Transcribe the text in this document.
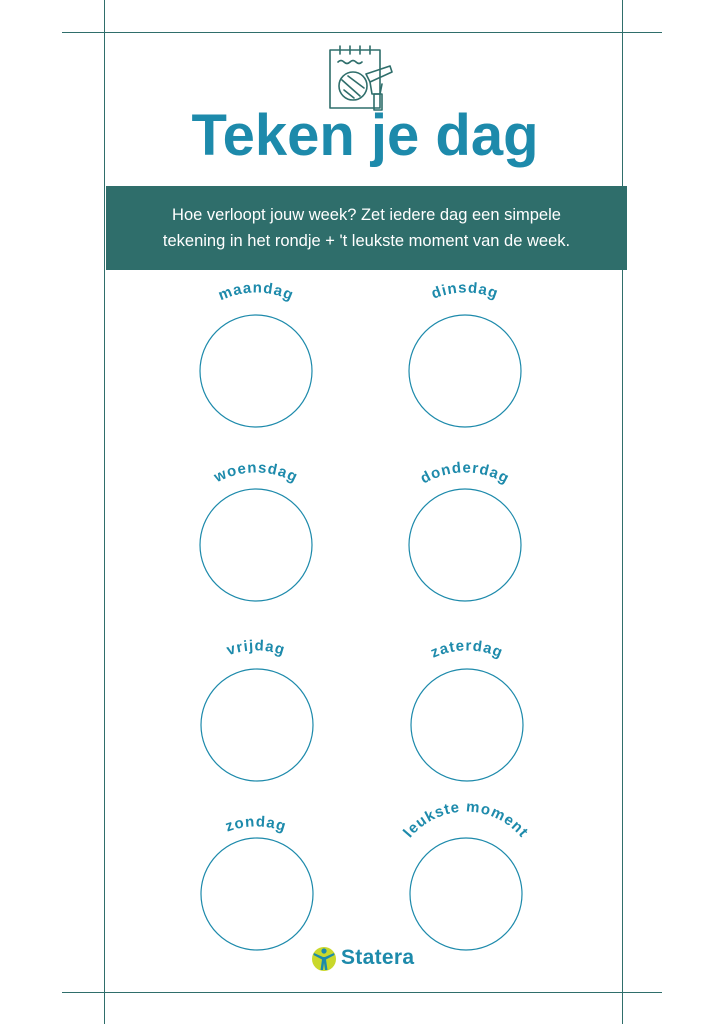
Teken je dag
Hoe verloopt jouw week? Zet iedere dag een simpele
tekening in het rondje + 't leukste moment van de week.
maandag	dinsdag
woensdag	donderdag
vrijdag	zaterdag
zondag	leukste moment
Statera
